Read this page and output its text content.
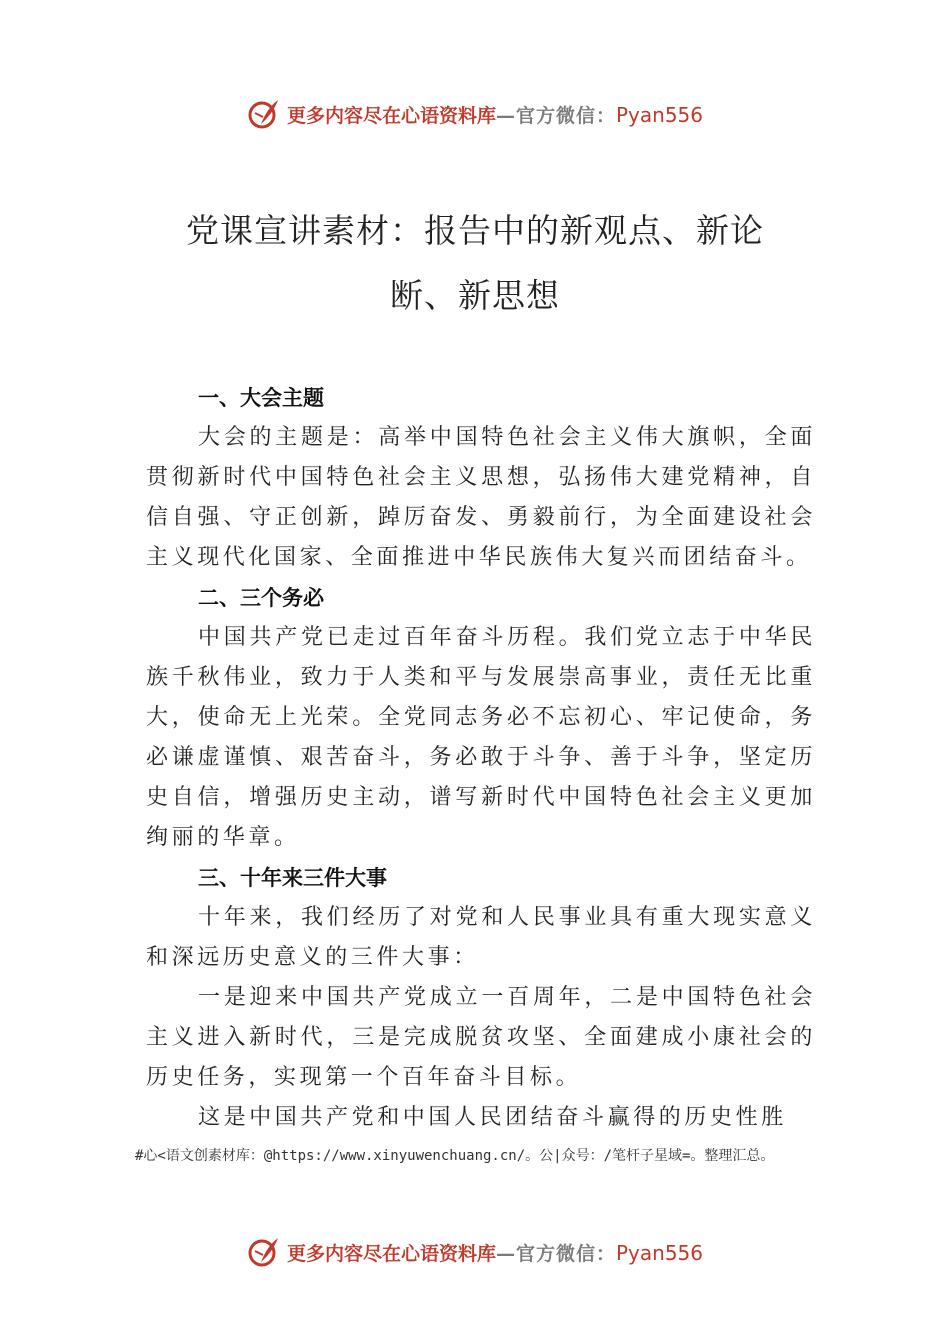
更多内容尽在心语资料库—官方微信：Pyan556
党课宣讲素材：报告中的新观点、新论
断、新思想
一、大会主题

大会的主题是：高举中国特色社会主义伟大旗帜，全面贯彻新时代中国特色社会主义思想，弘扬伟大建党精神，自信自强、守正创新，踔厉奋发、勇毅前行，为全面建设社会主义现代化国家、全面推进中华民族伟大复兴而团结奋斗。

二、三个务必

中国共产党已走过百年奋斗历程。我们党立志于中华民族千秋伟业，致力于人类和平与发展崇高事业，责任无比重大，使命无上光荣。全党同志务必不忘初心、牢记使命，务必谦虚谨慎、艰苦奋斗，务必敢于斗争、善于斗争，坚定历史自信，增强历史主动，谱写新时代中国特色社会主义更加绚丽的华章。

三、十年来三件大事

十年来，我们经历了对党和人民事业具有重大现实意义和深远历史意义的三件大事：

一是迎来中国共产党成立一百周年，二是中国特色社会主义进入新时代，三是完成脱贫攻坚、全面建成小康社会的历史任务，实现第一个百年奋斗目标。

这是中国共产党和中国人民团结奋斗赢得的历史性胜

#心<语文创素材库：@https://www.xinyuwenchuang.cn/。公|众号：/笔杆子星域=。整理汇总。
更多内容尽在心语资料库—官方微信：Pyan556
